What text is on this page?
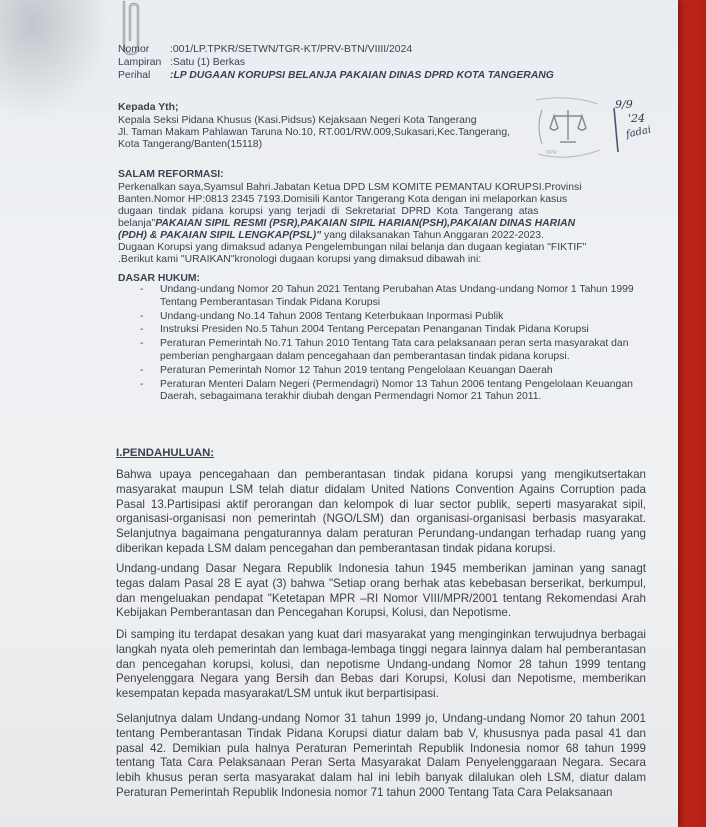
Nomor :001/LP.TPKR/SETWN/TGR-KT/PRV-BTN/VIIII/2024
Lampiran :Satu (1) Berkas
Perihal :LP DUGAAN KORUPSI BELANJA PAKAIAN DINAS DPRD KOTA TANGERANG
Kepada Yth;
Kepala Seksi Pidana Khusus (Kasi.Pidsus) Kejaksaan Negeri Kota Tangerang
Jl. Taman Makam Pahlawan Taruna No.10, RT.001/RW.009,Sukasari,Kec.Tangerang,
Kota Tangerang/Banten(15118)
MPR
9/9
'24
fadai
SALAM REFORMASI:
Perkenalkan saya,Syamsul Bahri.Jabatan Ketua DPD LSM KOMITE PEMANTAU KORUPSI.Provinsi
Banten.Nomor HP:0813 2345 7193.Domisili Kantor Tangerang Kota dengan ini melaporkan kasus
dugaan tindak pidana korupsi yang terjadi di Sekretariat DPRD Kota Tangerang atas
belanja"PAKAIAN SIPIL RESMI (PSR),PAKAIAN SIPIL HARIAN(PSH),PAKAIAN DINAS HARIAN
(PDH) & PAKAIAN SIPIL LENGKAP(PSL)" yang dilaksanakan Tahun Anggaran 2022-2023.
Dugaan Korupsi yang dimaksud adanya Pengelembungan nilai belanja dan dugaan kegiatan "FIKTIF"
.Berikut kami "URAIKAN"kronologi dugaan korupsi yang dimaksud dibawah ini:
DASAR HUKUM:
- Undang-undang Nomor 20 Tahun 2021 Tentang Perubahan Atas Undang-undang Nomor 1 Tahun 1999 Tentang Pemberantasan Tindak Pidana Korupsi
- Undang-undang No.14 Tahun 2008 Tentang Keterbukaan Inpormasi Publik
- Instruksi Presiden No.5 Tahun 2004 Tentang Percepatan Penanganan Tindak Pidana Korupsi
- Peraturan Pemerintah No.71 Tahun 2010 Tentang Tata cara pelaksanaan peran serta masyarakat dan pemberian penghargaan dalam pencegahaan dan pemberantasan tindak pidana korupsi.
- Peraturan Pemerintah Nomor 12 Tahun 2019 tentang Pengelolaan Keuangan Daerah
- Peraturan Menteri Dalam Negeri (Permendagri) Nomor 13 Tahun 2006 tentang Pengelolaan Keuangan Daerah, sebagaimana terakhir diubah dengan Permendagri Nomor 21 Tahun 2011.
I.PENDAHULUAN:
Bahwa upaya pencegahaan dan pemberantasan tindak pidana korupsi yang mengikutsertakan masyarakat maupun LSM telah diatur didalam United Nations Convention Agains Corruption pada Pasal 13.Partisipasi aktif perorangan dan kelompok di luar sector publik, seperti masyarakat sipil, organisasi-organisasi non pemerintah (NGO/LSM) dan organisasi-organisasi berbasis masyarakat. Selanjutnya bagaimana pengaturannya dalam peraturan Perundang-undangan terhadap ruang yang diberikan kepada LSM dalam pencegahan dan pemberantasan tindak pidana korupsi.
Undang-undang Dasar Negara Republik Indonesia tahun 1945 memberikan jaminan yang sanagt tegas dalam Pasal 28 E ayat (3) bahwa "Setiap orang berhak atas kebebasan berserikat, berkumpul, dan mengeluakan pendapat "Ketetapan MPR –RI Nomor VIII/MPR/2001 tentang Rekomendasi Arah Kebijakan Pemberantasan dan Pencegahan Korupsi, Kolusi, dan Nepotisme.
Di samping itu terdapat desakan yang kuat dari masyarakat yang menginginkan terwujudnya berbagai langkah nyata oleh pemerintah dan lembaga-lembaga tinggi negara lainnya dalam hal pemberantasan dan pencegahan korupsi, kolusi, dan nepotisme Undang-undang Nomor 28 tahun 1999 tentang Penyelenggara Negara yang Bersih dan Bebas dari Korupsi, Kolusi dan Nepotisme, memberikan kesempatan kepada masyarakat/LSM untuk ikut berpartisipasi.
Selanjutnya dalam Undang-undang Nomor 31 tahun 1999 jo, Undang-undang Nomor 20 tahun 2001 tentang Pemberantasan Tindak Pidana Korupsi diatur dalam bab V, khususnya pada pasal 41 dan pasal 42. Demikian pula halnya Peraturan Pemerintah Republik Indonesia nomor 68 tahun 1999 tentang Tata Cara Pelaksanaan Peran Serta Masyarakat Dalam Penyelenggaraan Negara. Secara lebih khusus peran serta masyarakat dalam hal ini lebih banyak dilalukan oleh LSM, diatur dalam Peraturan Pemerintah Republik Indonesia nomor 71 tahun 2000 Tentang Tata Cara Pelaksanaan
